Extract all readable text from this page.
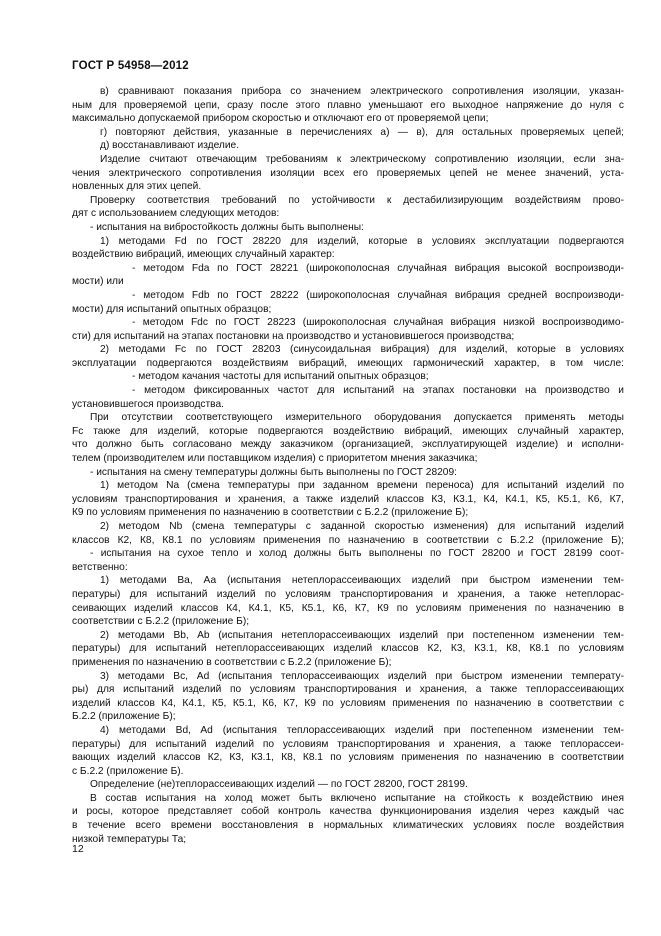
ГОСТ Р 54958—2012
в) сравнивают показания прибора со значением электрического сопротивления изоляции, указан-
ным для проверяемой цепи, сразу после этого плавно уменьшают его выходное напряжение до нуля с
максимально допускаемой прибором скоростью и отключают его от проверяемой цепи;
г) повторяют действия, указанные в перечислениях а) — в), для остальных проверяемых цепей;
д) восстанавливают изделие.
Изделие считают отвечающим требованиям к электрическому сопротивлению изоляции, если зна-
чения электрического сопротивления изоляции всех его проверяемых цепей не менее значений, уста-
новленных для этих цепей.
Проверку соответствия требований по устойчивости к дестабилизирующим воздействиям прово-
дят с использованием следующих методов:
- испытания на вибростойкость должны быть выполнены:
1) методами Fd по ГОСТ 28220 для изделий, которые в условиях эксплуатации подвергаются
воздействию вибраций, имеющих случайный характер:
- методом Fda по ГОСТ 28221 (широкополосная случайная вибрация высокой воспроизводи-
мости) или
- методом Fdb по ГОСТ 28222 (широкополосная случайная вибрация средней воспроизводи-
мости) для испытаний опытных образцов;
- методом Fdc по ГОСТ 28223 (широкополосная случайная вибрация низкой воспроизводимо-
сти) для испытаний на этапах постановки на производство и установившегося производства;
2) методами Fc по ГОСТ 28203 (синусоидальная вибрация) для изделий, которые в условиях
эксплуатации подвергаются воздействиям вибраций, имеющих гармонический характер, в том числе:
- методом качания частоты для испытаний опытных образцов;
- методом фиксированных частот для испытаний на этапах постановки на производство и
установившегося производства.
При отсутствии соответствующего измерительного оборудования допускается применять методы
Fc также для изделий, которые подвергаются воздействию вибраций, имеющих случайный характер,
что должно быть согласовано между заказчиком (организацией, эксплуатирующей изделие) и исполни-
телем (производителем или поставщиком изделия) с приоритетом мнения заказчика;
- испытания на смену температуры должны быть выполнены по ГОСТ 28209:
1) методом Na (смена температуры при заданном времени переноса) для испытаний изделий по
условиям транспортирования и хранения, а также изделий классов К3, К3.1, К4, К4.1, К5, К5.1, К6, К7,
К9 по условиям применения по назначению в соответствии с Б.2.2 (приложение Б);
2) методом Nb (смена температуры с заданной скоростью изменения) для испытаний изделий
классов К2, К8, К8.1 по условиям применения по назначению в соответствии с Б.2.2 (приложение Б);
- испытания на сухое тепло и холод должны быть выполнены по ГОСТ 28200 и ГОСТ 28199 соот-
ветственно:
1) методами Ва, Аа (испытания нетеплорассеивающих изделий при быстром изменении тем-
пературы) для испытаний изделий по условиям транспортирования и хранения, а также нетеплорас-
сеивающих изделий классов К4, К4.1, К5, К5.1, К6, К7, К9 по условиям применения по назначению в
соответствии с Б.2.2 (приложение Б);
2) методами Bb, Ab (испытания нетеплорассеивающих изделий при постепенном изменении тем-
пературы) для испытаний нетеплорассеивающих изделий классов К2, К3, К3.1, К8, К8.1 по условиям
применения по назначению в соответствии с Б.2.2 (приложение Б);
3) методами Вс, Ad (испытания теплорассеивающих изделий при быстром изменении температу-
ры) для испытаний изделий по условиям транспортирования и хранения, а также теплорассеивающих
изделий классов К4, К4.1, К5, К5.1, К6, К7, К9 по условиям применения по назначению в соответствии с
Б.2.2 (приложение Б);
4) методами Bd, Ad (испытания теплорассеивающих изделий при постепенном изменении тем-
пературы) для испытаний изделий по условиям транспортирования и хранения, а также теплорассеи-
вающих изделий классов К2, К3, К3.1, К8, К8.1 по условиям применения по назначению в соответствии
с Б.2.2 (приложение Б).
Определение (не)теплорассеивающих изделий — по ГОСТ 28200, ГОСТ 28199.
В состав испытания на холод может быть включено испытание на стойкость к воздействию инея
и росы, которое представляет собой контроль качества функционирования изделия через каждый час
в течение всего времени восстановления в нормальных климатических условиях после воздействия
низкой температуры Та;
12
